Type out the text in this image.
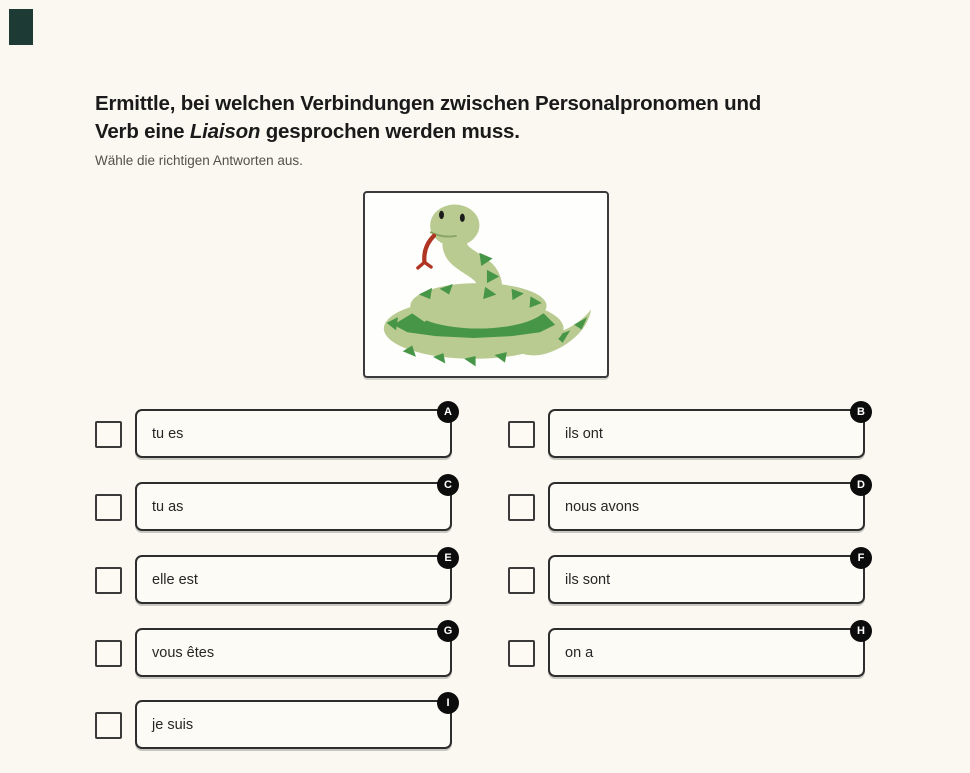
Ermittle, bei welchen Verbindungen zwischen Personalpronomen und
Verb eine Liaison gesprochen werden muss.
Wähle die richtigen Antworten aus.
tu es
A
ils ont
B
tu as
C
nous avons
D
elle est
E
ils sont
F
vous êtes
G
on a
H
je suis
I
